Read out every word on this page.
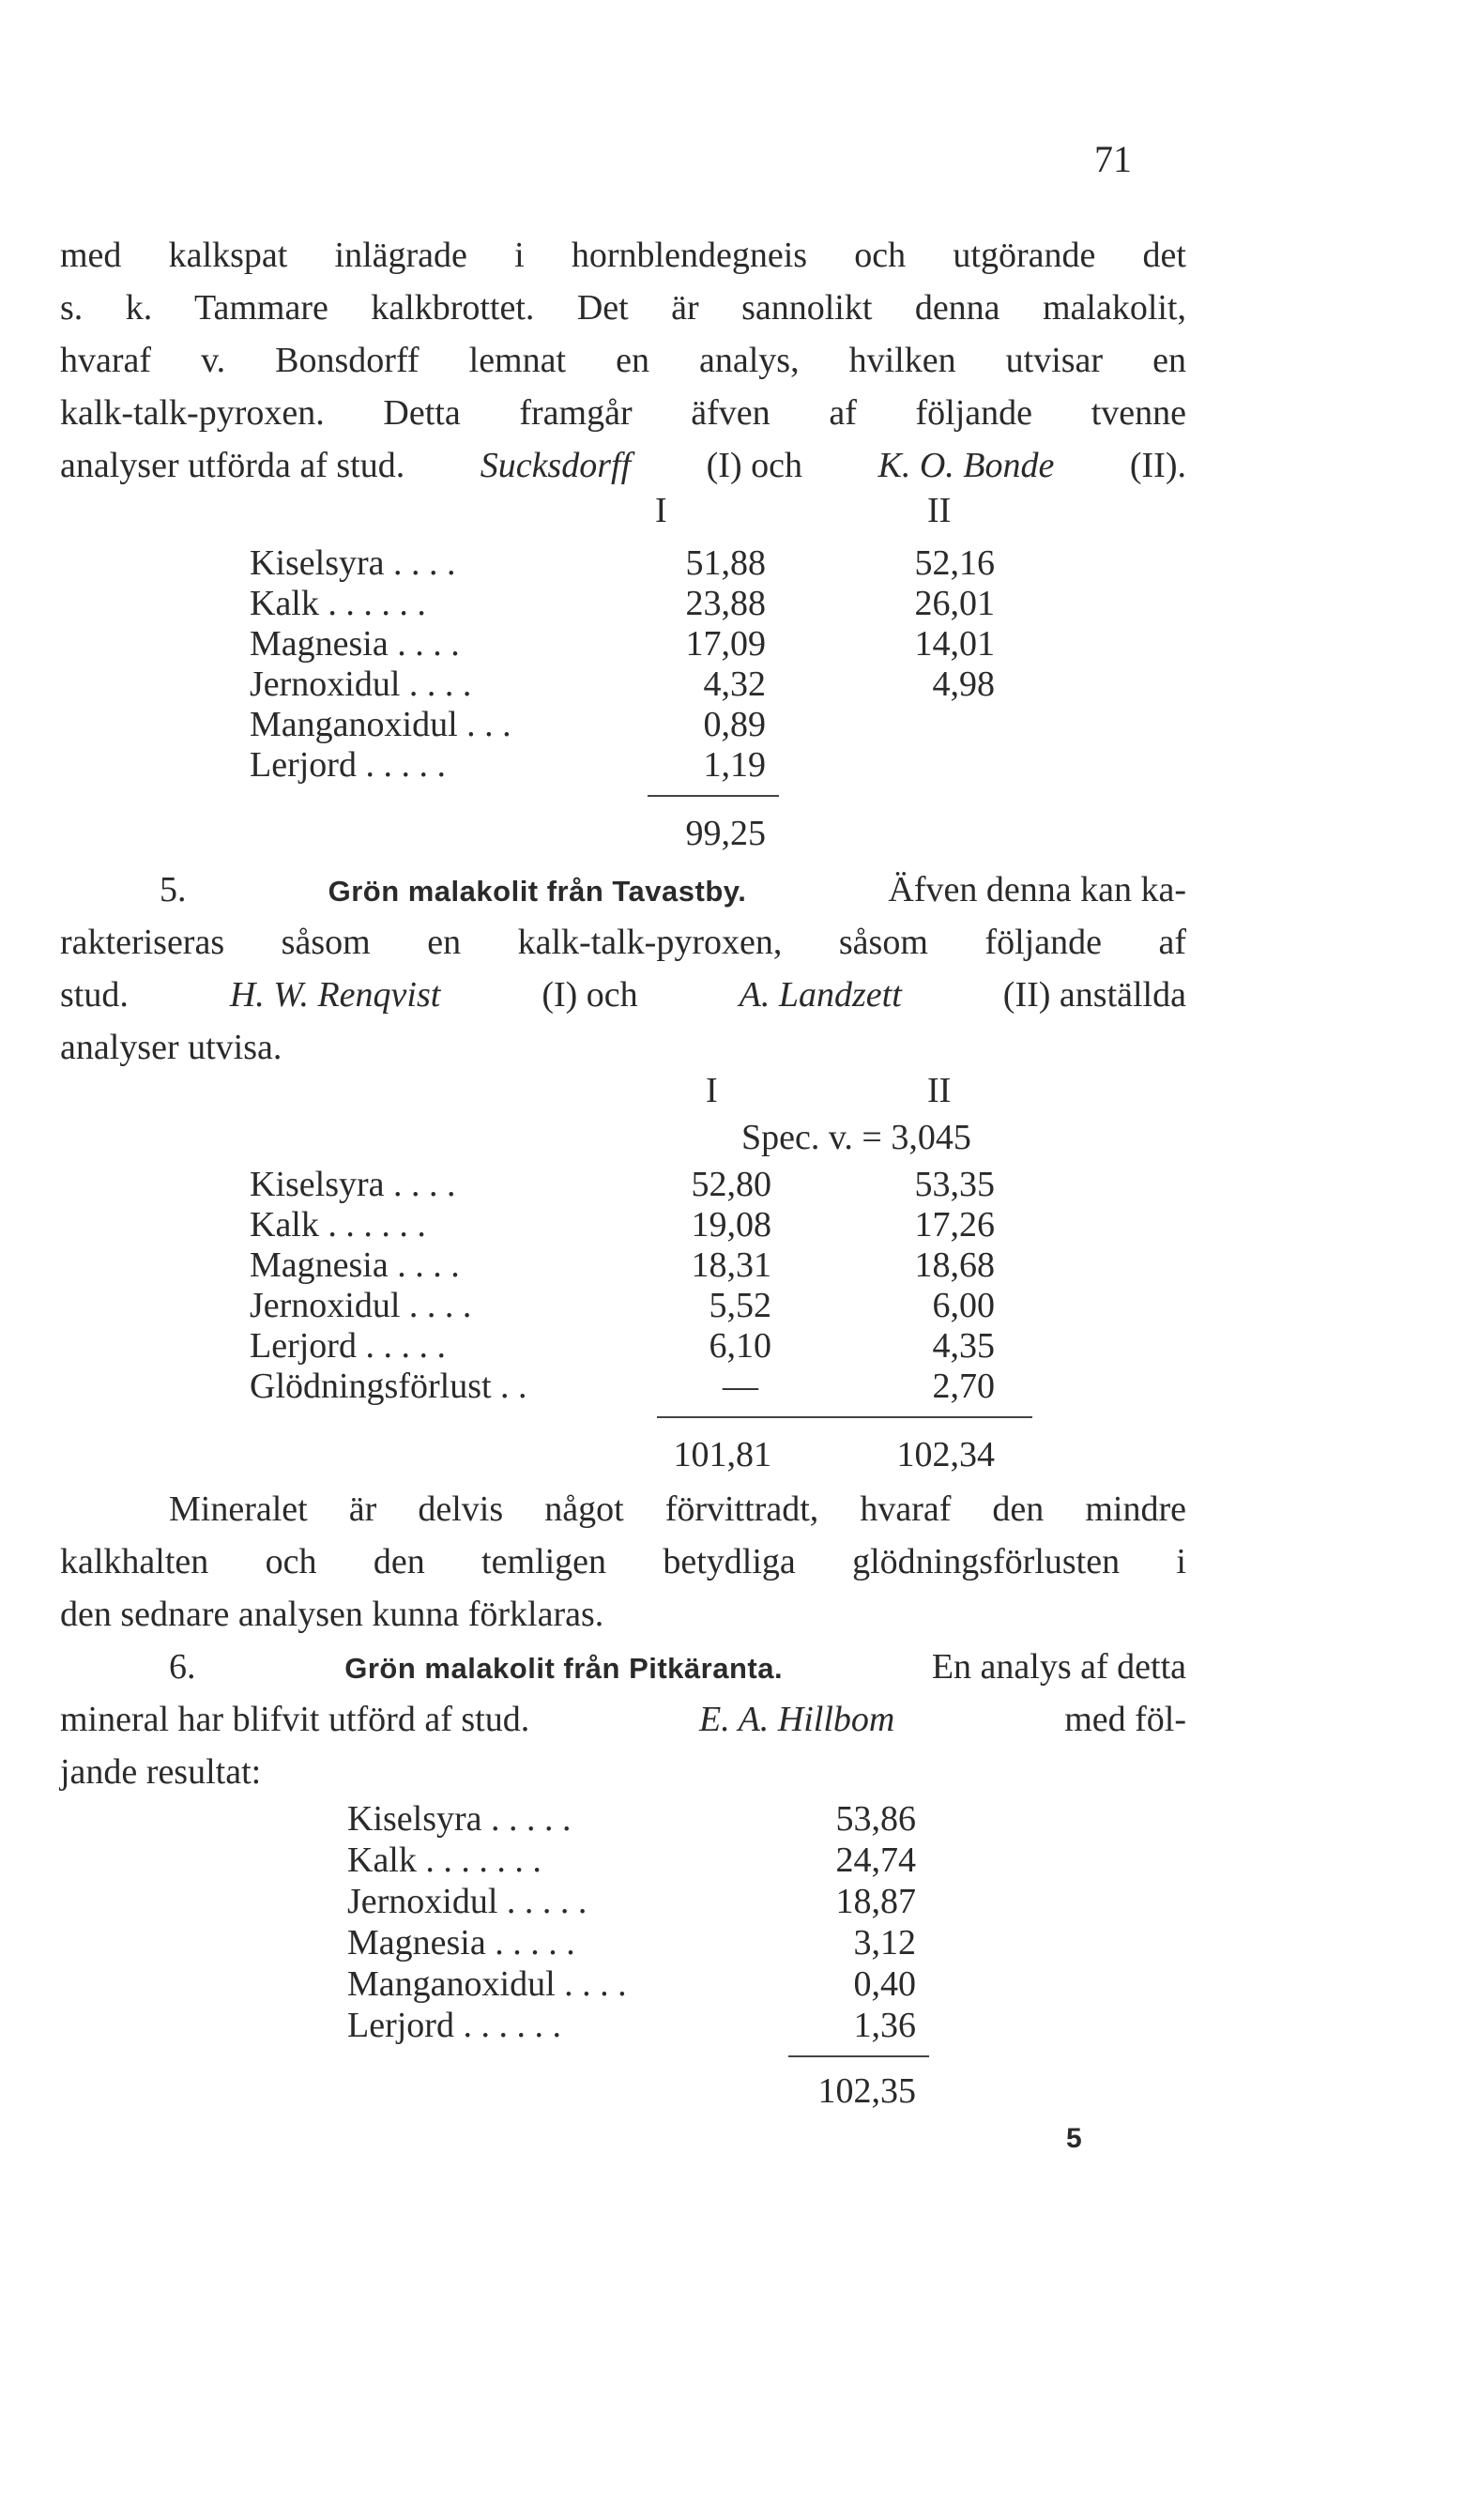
71
med kalkspat inlägrade i hornblendegneis och utgörande det
s. k. Tammare kalkbrottet. Det är sannolikt denna malakolit,
hvaraf v. Bonsdorff lemnat en analys, hvilken utvisar en
kalk-talk-pyroxen. Detta framgår äfven af följande tvenne
analyser utförda af stud. Sucksdorff (I) och K. O. Bonde (II).
I	II
Kiselsyra . . . .	51,88	52,16
Kalk . . . . . .	23,88	26,01
Magnesia . . . .	17,09	14,01
Jernoxidul . . . .	4,32	4,98
Manganoxidul . . .	0,89
Lerjord . . . . .	1,19
99,25
5.	Grön malakolit från Tavastby.	Äfven denna kan ka-
rakteriseras såsom en kalk-talk-pyroxen, såsom följande af
stud.	H. W. Renqvist	(I) och	A. Landzett	(II) anställda
analyser utvisa.
I	II
Spec. v. = 3,045
Kiselsyra . . . .	52,80	53,35
Kalk . . . . . .	19,08	17,26
Magnesia . . . .	18,31	18,68
Jernoxidul . . . .	5,52	6,00
Lerjord . . . . .	6,10	4,35
Glödningsförlust . .	—	2,70
101,81	102,34
Mineralet är delvis något förvittradt, hvaraf den mindre
kalkhalten och den temligen betydliga glödningsförlusten i
den sednare analysen kunna förklaras.
6.	Grön malakolit från Pitkäranta.	En analys af detta
mineral har blifvit utförd af stud.	E. A. Hillbom	med föl-
jande resultat:
Kiselsyra . . . . .	53,86
Kalk . . . . . . .	24,74
Jernoxidul . . . . .	18,87
Magnesia . . . . .	3,12
Manganoxidul . . . .	0,40
Lerjord . . . . . .	1,36
102,35
5
